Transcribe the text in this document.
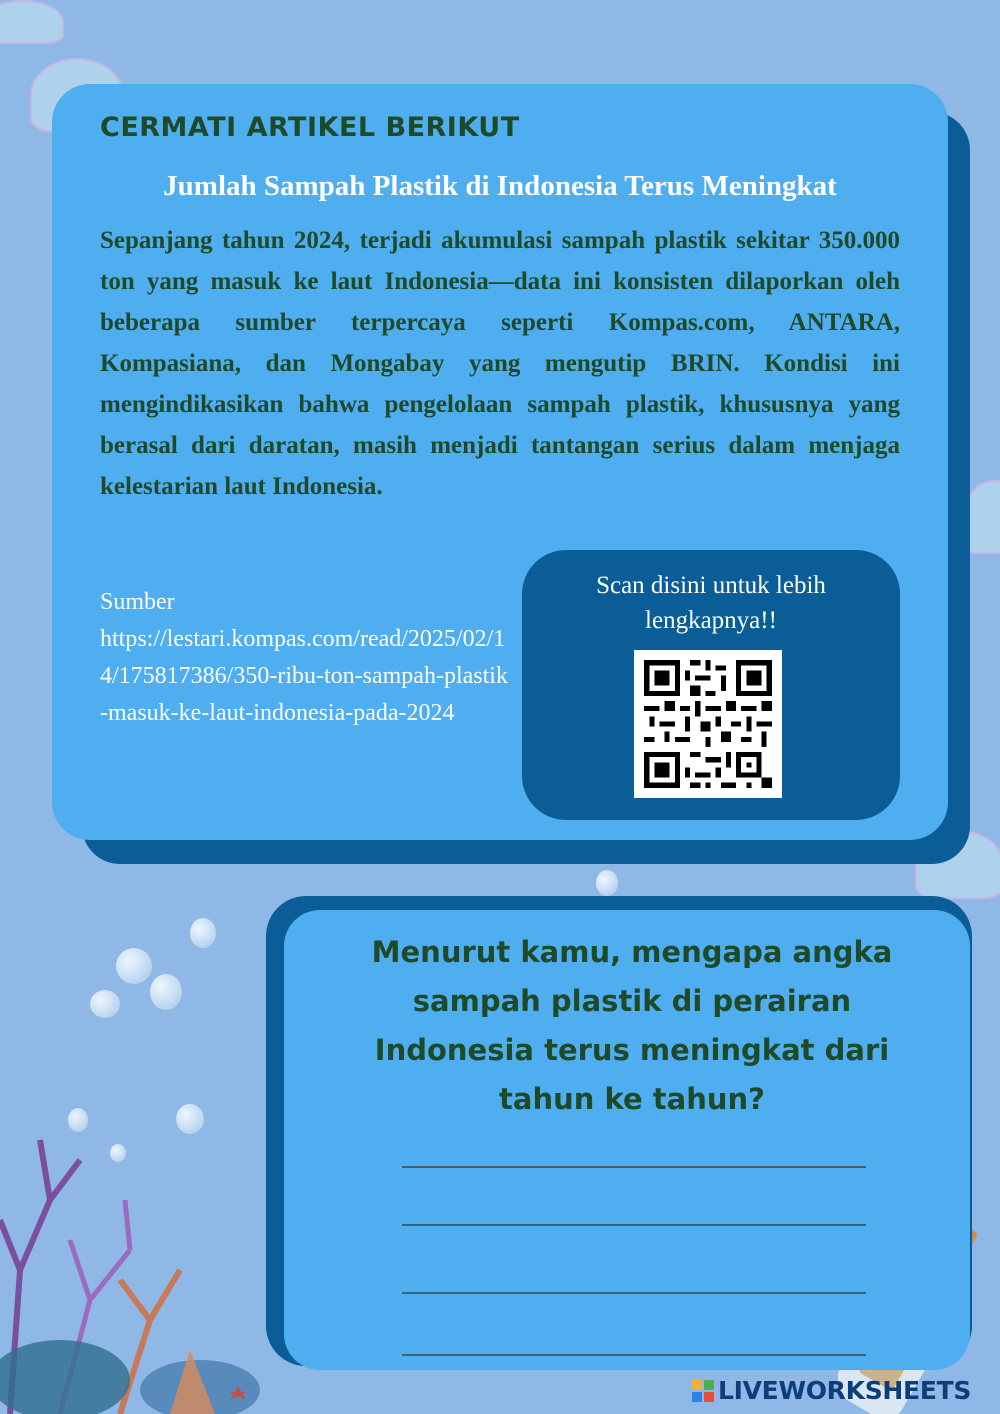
CERMATI ARTIKEL BERIKUT
Jumlah Sampah Plastik di Indonesia Terus Meningkat

Sepanjang tahun 2024, terjadi akumulasi sampah plastik sekitar 350.000 ton yang masuk ke laut Indonesia—data ini konsisten dilaporkan oleh beberapa sumber terpercaya seperti Kompas.com, ANTARA, Kompasiana, dan Mongabay yang mengutip BRIN. Kondisi ini mengindikasikan bahwa pengelolaan sampah plastik, khususnya yang berasal dari daratan, masih menjadi tantangan serius dalam menjaga kelestarian laut Indonesia.

Sumber
https://lestari.kompas.com/read/2025/02/14/175817386/350-ribu-ton-sampah-plastik-masuk-ke-laut-indonesia-pada-2024

Scan disini untuk lebih lengkapnya!!

Menurut kamu, mengapa angka sampah plastik di perairan Indonesia terus meningkat dari tahun ke tahun?

LIVEWORKSHEETS
